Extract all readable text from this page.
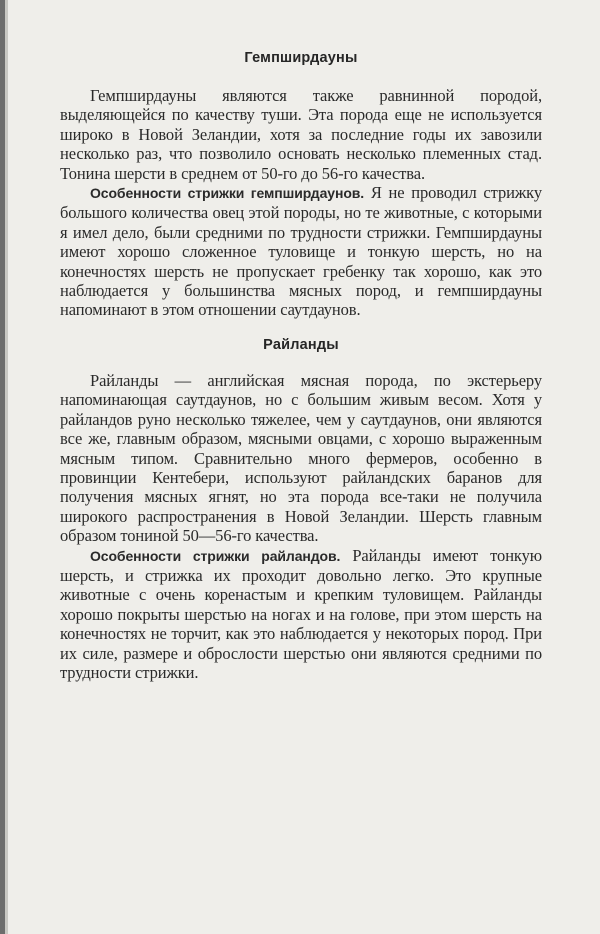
Гемпширдауны

Гемпширдауны являются также равнинной породой, выделяющейся по качеству туши. Эта порода еще не используется широко в Новой Зеландии, хотя за последние годы их завозили несколько раз, что позволило основать несколько племенных стад. Тонина шерсти в среднем от 50-го до 56-го качества.

Особенности стрижки гемпширдаунов. Я не проводил стрижку большого количества овец этой породы, но те животные, с которыми я имел дело, были средними по трудности стрижки. Гемпширдауны имеют хорошо сложенное туловище и тонкую шерсть, но на конечностях шерсть не пропускает гребенку так хорошо, как это наблюдается у большинства мясных пород, и гемпширдауны напоминают в этом отношении саутдаунов.

Райланды

Райланды — английская мясная порода, по экстерьеру напоминающая саутдаунов, но с большим живым весом. Хотя у райландов руно несколько тяжелее, чем у саутдаунов, они являются все же, главным образом, мясными овцами, с хорошо выраженным мясным типом. Сравнительно много фермеров, особенно в провинции Кентебери, используют райландских баранов для получения мясных ягнят, но эта порода все-таки не получила широкого распространения в Новой Зеландии. Шерсть главным образом тониной 50—56-го качества.

Особенности стрижки райландов. Райланды имеют тонкую шерсть, и стрижка их проходит довольно легко. Это крупные животные с очень коренастым и крепким туловищем. Райланды хорошо покрыты шерстью на ногах и на голове, при этом шерсть на конечностях не торчит, как это наблюдается у некоторых пород. При их силе, размере и оброслости шерстью они являются средними по трудности стрижки.
